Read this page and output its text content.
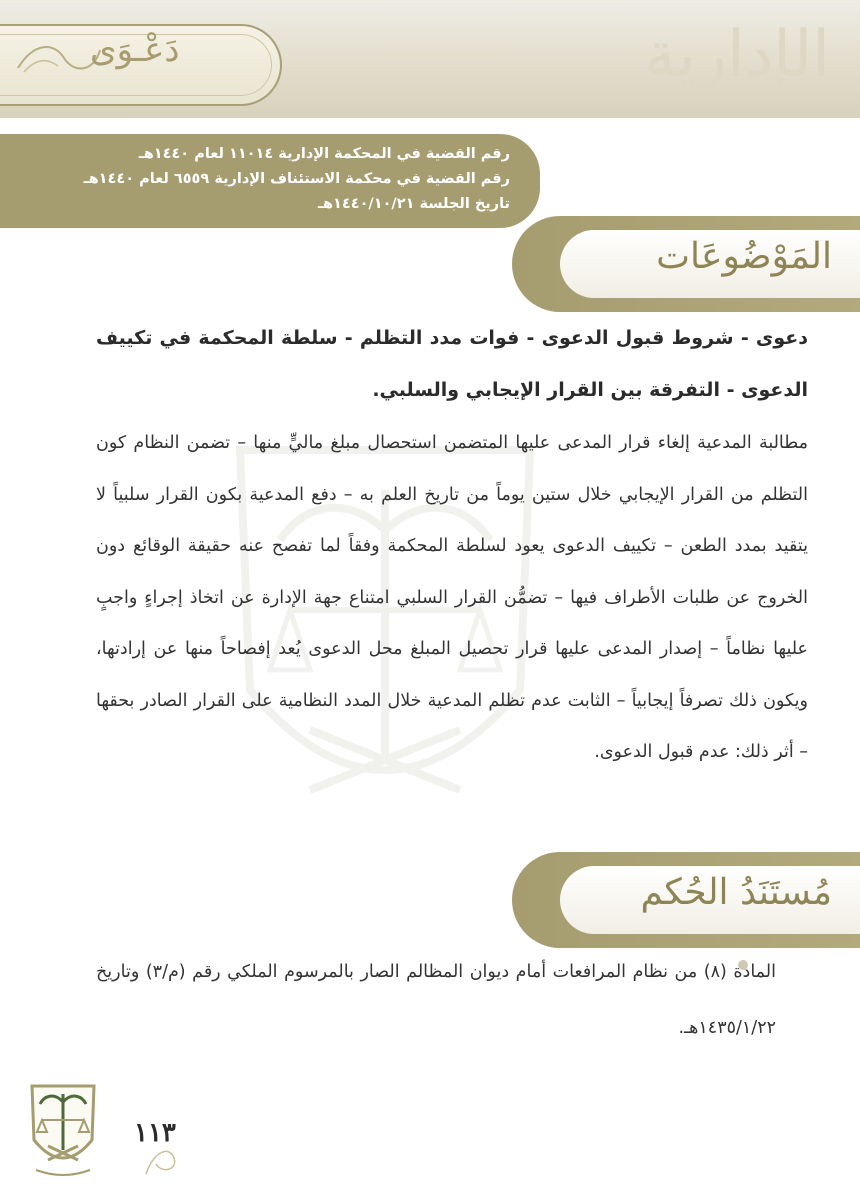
الإدارية
دَعْـوَى
رقم القضية في المحكمة الإدارية ١١٠١٤ لعام ١٤٤٠هـ
رقم القضية في محكمة الاستئناف الإدارية ٦٥٥٩ لعام ١٤٤٠هـ
تاريخ الجلسة ١٤٤٠/١٠/٢١هـ
المَوْضُوعَات
دعوى - شروط قبول الدعوى - فوات مدد التظلم - سلطة المحكمة في تكييف الدعوى - التفرقة بين القرار الإيجابي والسلبي.
مطالبة المدعية إلغاء قرار المدعى عليها المتضمن استحصال مبلغ ماليٍّ منها – تضمن النظام كون التظلم من القرار الإيجابي خلال ستين يوماً من تاريخ العلم به – دفع المدعية بكون القرار سلبياً لا يتقيد بمدد الطعن – تكييف الدعوى يعود لسلطة المحكمة وفقاً لما تفصح عنه حقيقة الوقائع دون الخروج عن طلبات الأطراف فيها – تضمُّن القرار السلبي امتناع جهة الإدارة عن اتخاذ إجراءٍ واجبٍ عليها نظاماً – إصدار المدعى عليها قرار تحصيل المبلغ محل الدعوى يُعد إفصاحاً منها عن إرادتها، ويكون ذلك تصرفاً إيجابياً – الثابت عدم تظلم المدعية خلال المدد النظامية على القرار الصادر بحقها – أثر ذلك: عدم قبول الدعوى.
مُستَنَدُ الحُكم
المادة (٨) من نظام المرافعات أمام ديوان المظالم الصار بالمرسوم الملكي رقم (م/٣) وتاريخ ١٤٣٥/١/٢٢هـ.
١١٣
